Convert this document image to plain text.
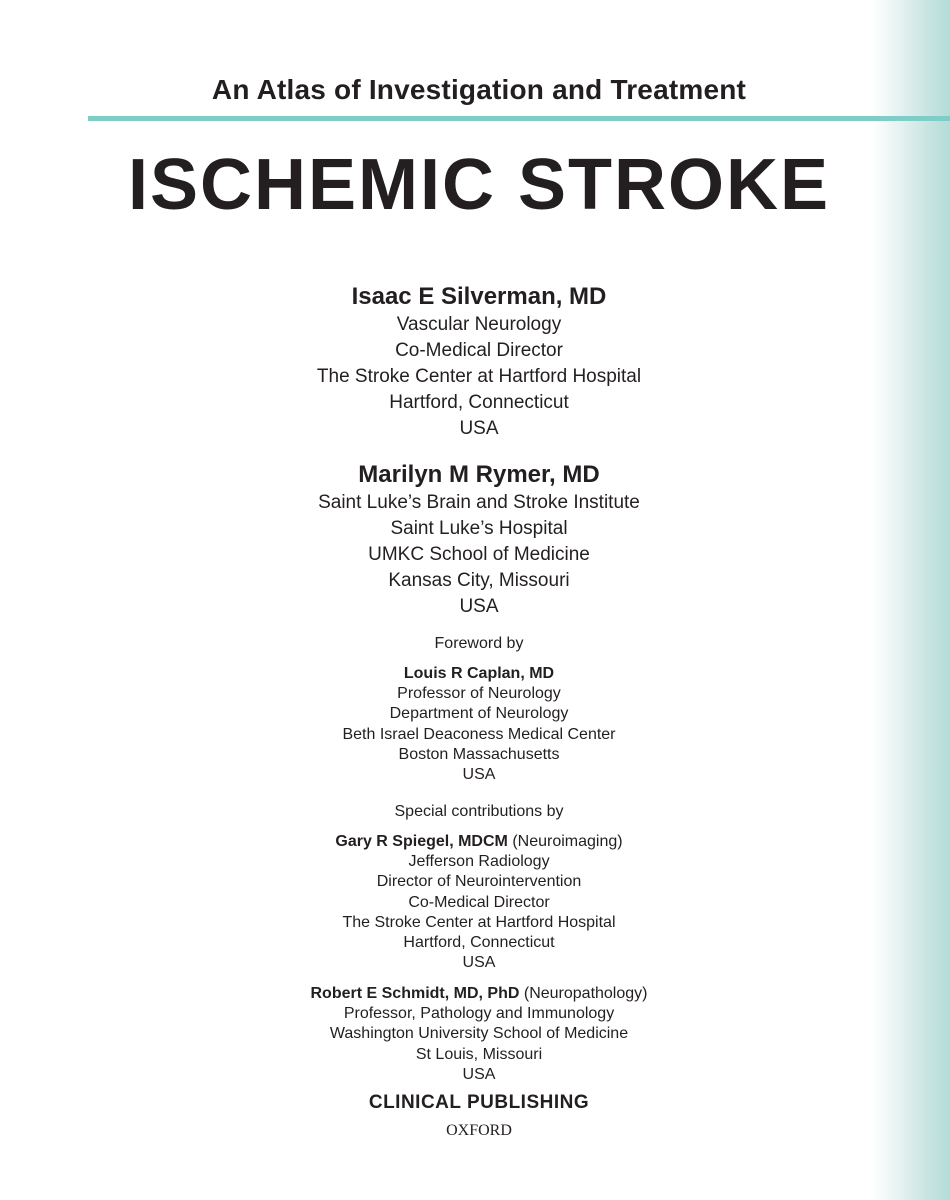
An Atlas of Investigation and Treatment
ISCHEMIC STROKE
Isaac E Silverman, MD
Vascular Neurology
Co-Medical Director
The Stroke Center at Hartford Hospital
Hartford, Connecticut
USA
Marilyn M Rymer, MD
Saint Luke’s Brain and Stroke Institute
Saint Luke’s Hospital
UMKC School of Medicine
Kansas City, Missouri
USA
Foreword by
Louis R Caplan, MD
Professor of Neurology
Department of Neurology
Beth Israel Deaconess Medical Center
Boston Massachusetts
USA
Special contributions by
Gary R Spiegel, MDCM (Neuroimaging)
Jefferson Radiology
Director of Neurointervention
Co-Medical Director
The Stroke Center at Hartford Hospital
Hartford, Connecticut
USA
Robert E Schmidt, MD, PhD (Neuropathology)
Professor, Pathology and Immunology
Washington University School of Medicine
St Louis, Missouri
USA
CLINICAL PUBLISHING
OXFORD
